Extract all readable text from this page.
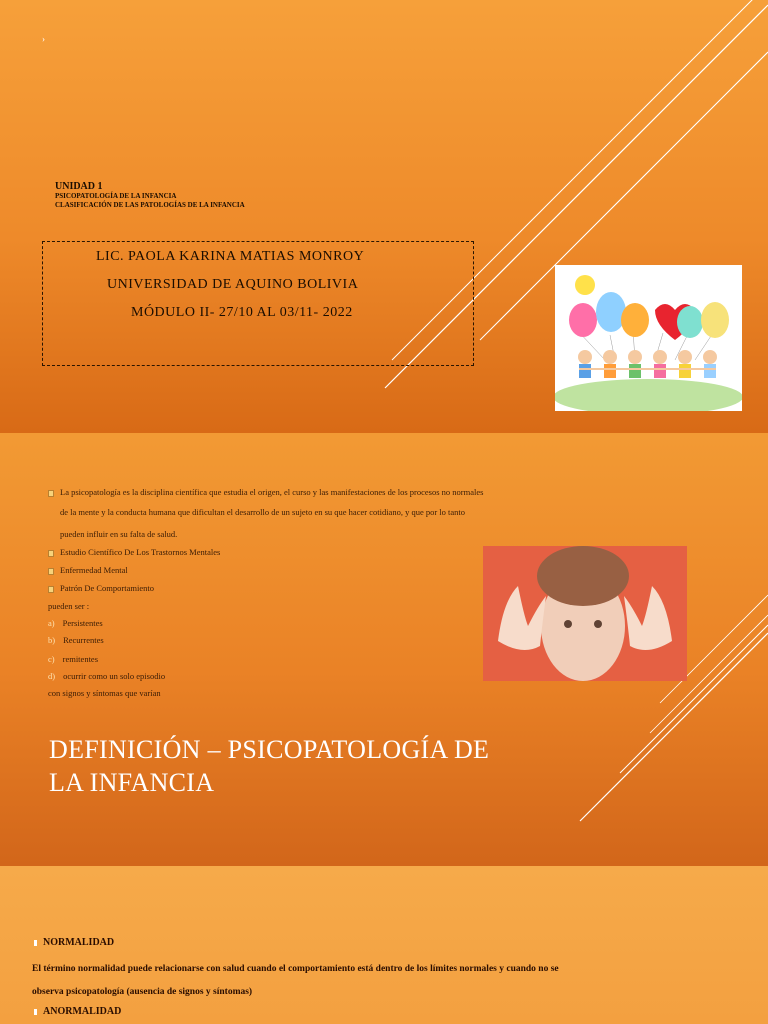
›
UNIDAD 1
PSICOPATOLOGÍA DE LA INFANCIA
CLASIFICACIÓN DE LAS PATOLOGÍAS DE LA INFANCIA
LIC. PAOLA KARINA MATIAS MONROY
UNIVERSIDAD DE AQUINO BOLIVIA
MÓDULO II- 27/10 AL 03/11- 2022
La psicopatología es la disciplina científica que estudia el origen, el curso y las manifestaciones de los procesos no normales
de la mente y la conducta humana que dificultan el desarrollo de un sujeto en su que hacer cotidiano, y que por lo tanto
pueden influir en su falta de salud.
Estudio Científico De Los Trastornos Mentales
Enfermedad Mental
Patrón De Comportamiento
pueden ser :
a) Persistentes
b) Recurrentes
c) remitentes
d) ocurrir como un solo episodio
con signos y síntomas que varían
DEFINICIÓN – PSICOPATOLOGÍA DE
LA INFANCIA
NORMALIDAD
El término normalidad puede relacionarse con salud cuando el comportamiento está dentro de los límites normales y cuando no se
observa psicopatología (ausencia de signos y síntomas)
ANORMALIDAD
